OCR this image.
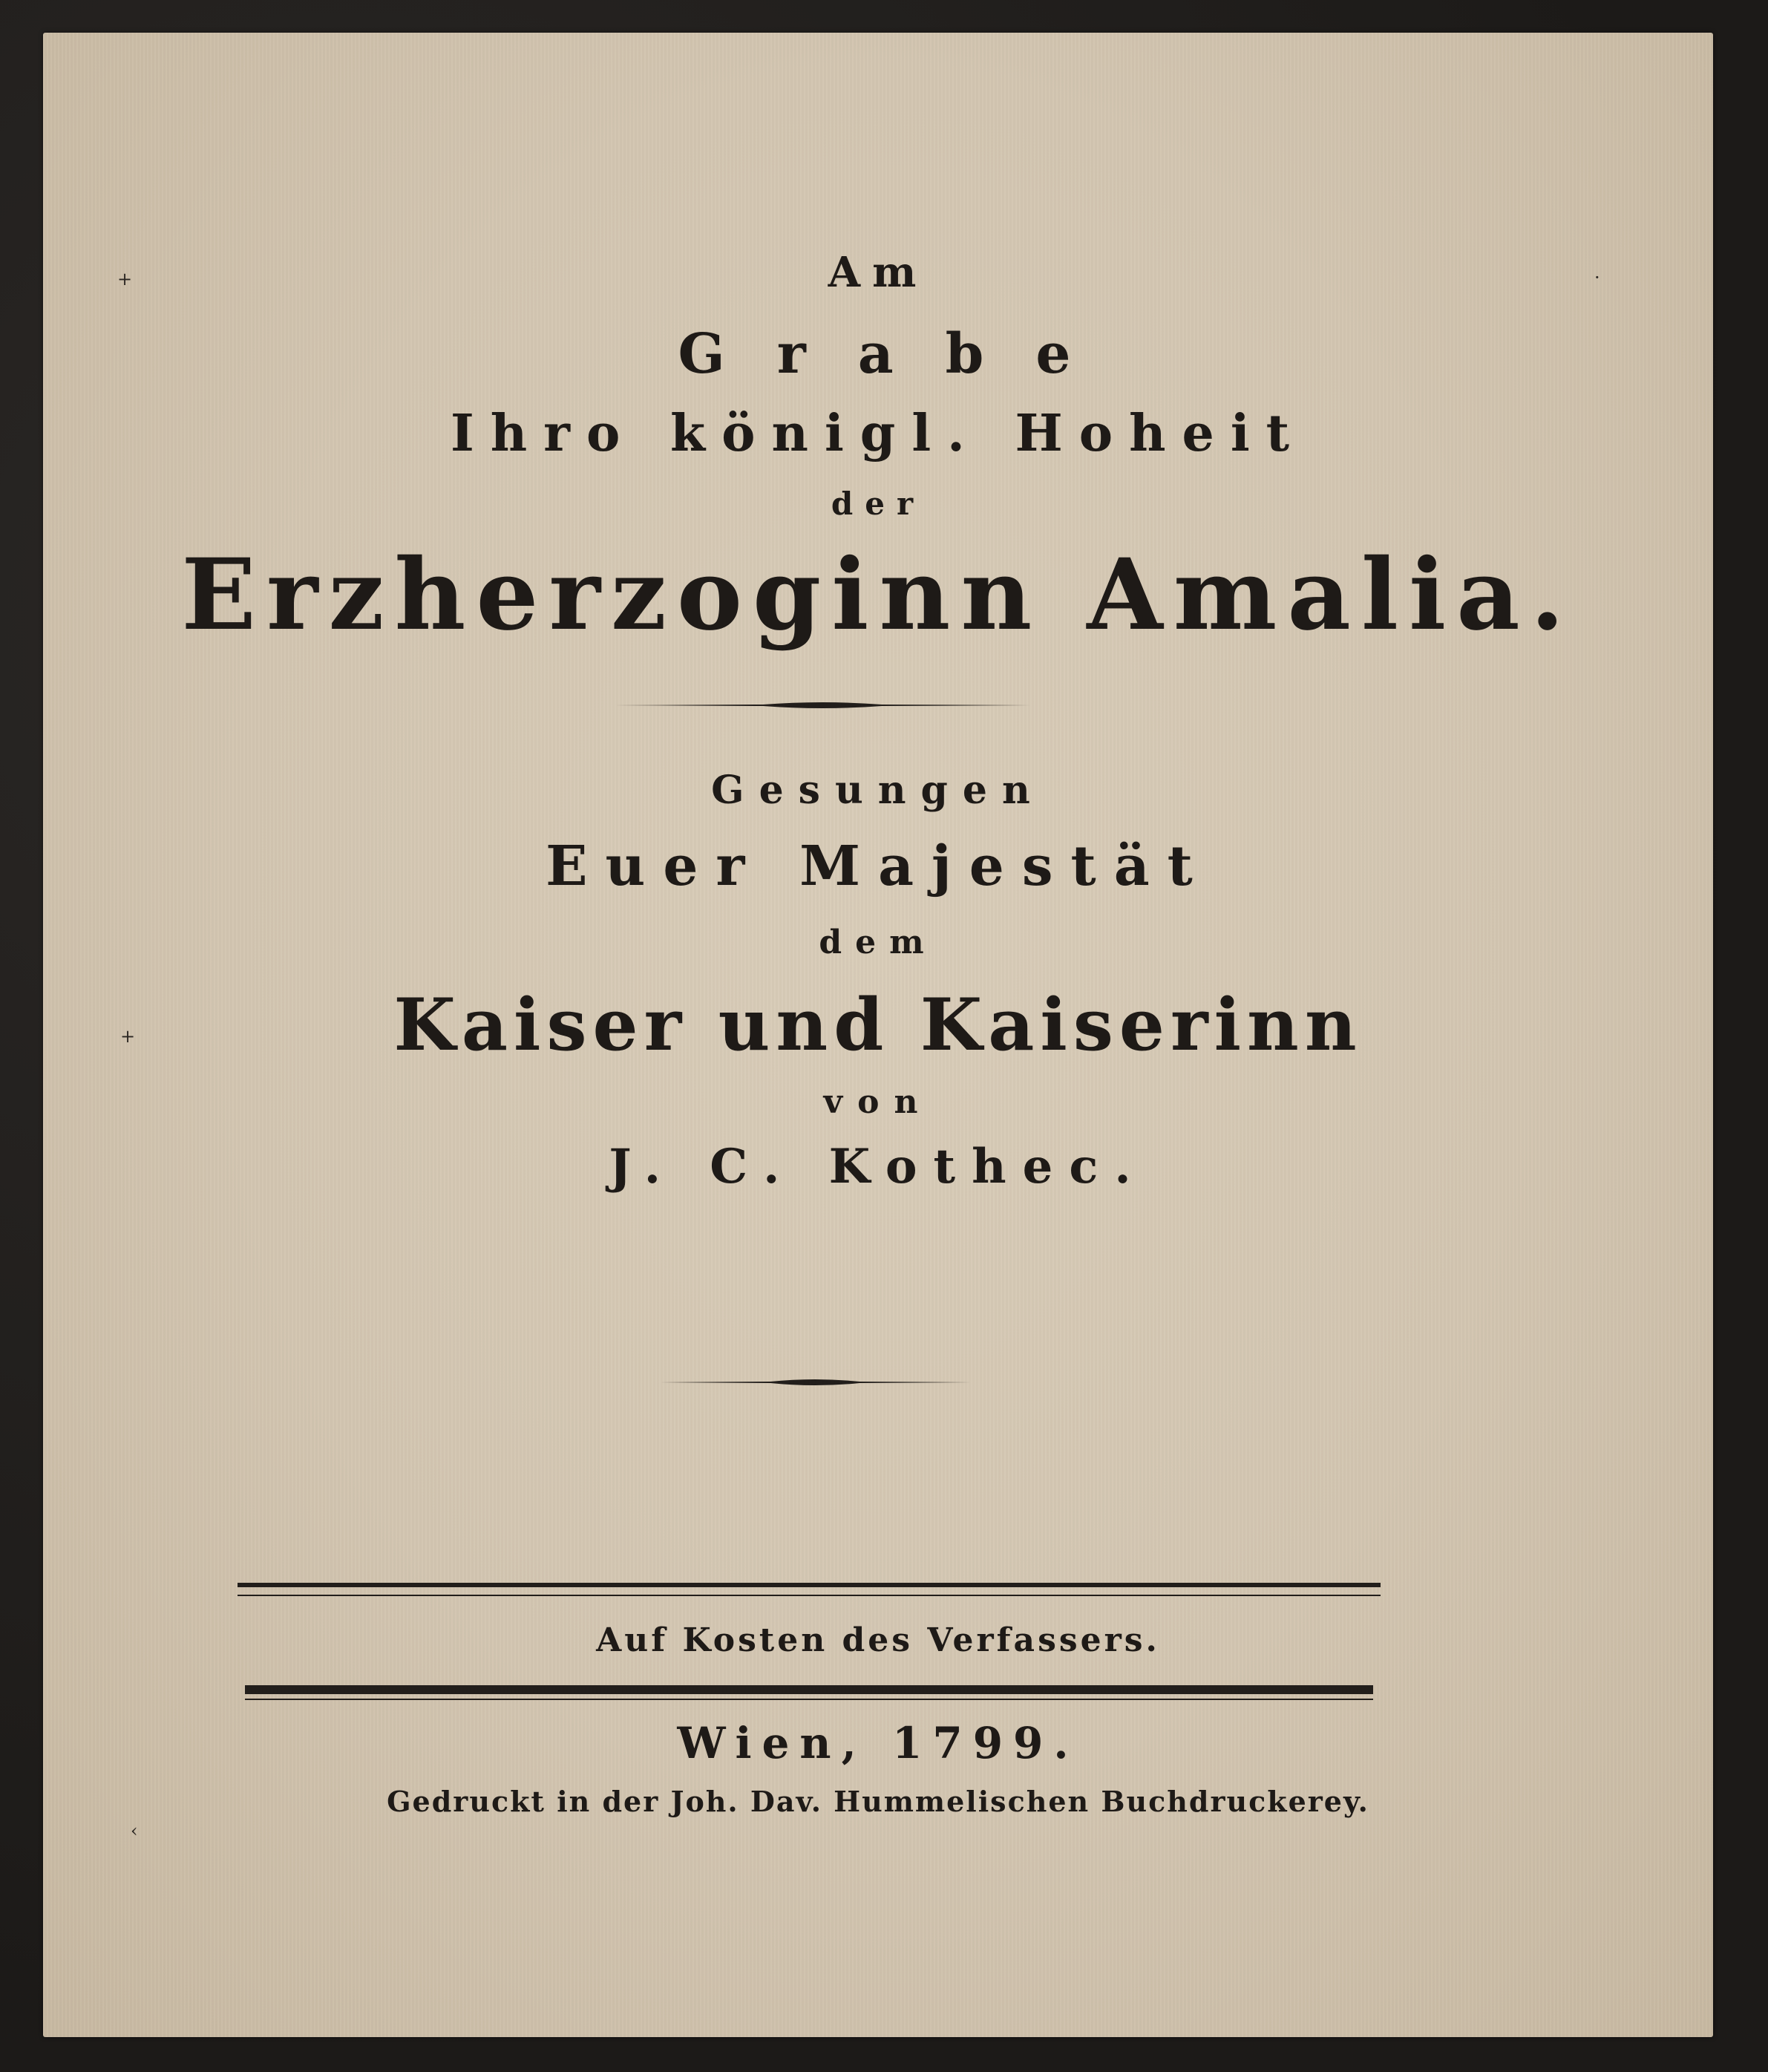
+
+
‹
·
Am
Grabe
Ihro königl. Hoheit
der
Erzherzoginn Amalia.
Gesungen
Euer Majestät
dem
Kaiser und Kaiserinn
von
J. C. Kothec.
Auf Kosten des Verfassers.
Wien, 1799.
Gedruckt in der Joh. Dav. Hummelischen Buchdruckerey.
